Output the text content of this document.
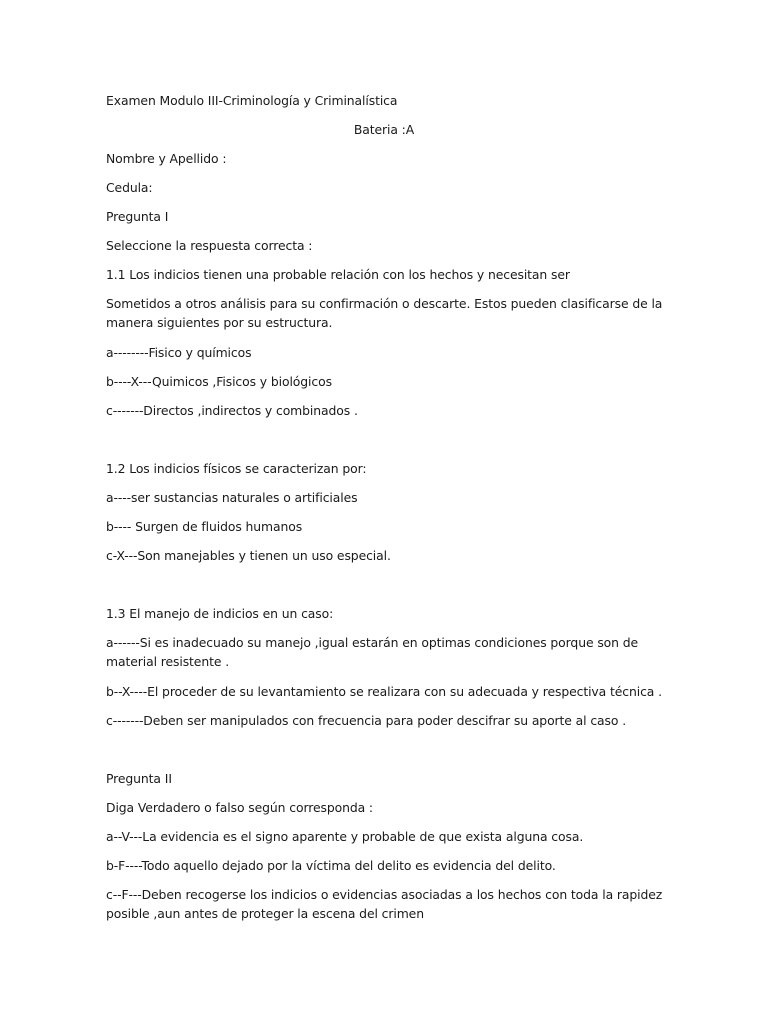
Examen Modulo III-Criminología y Criminalística
Bateria :A
Nombre y Apellido :
Cedula:
Pregunta I
Seleccione la respuesta correcta :
1.1 Los indicios tienen una probable relación con los hechos y necesitan ser
Sometidos a otros análisis para su confirmación o descarte. Estos pueden clasificarse de la manera siguientes por su estructura.
a--------Fisico y químicos
b----X---Quimicos ,Fisicos y biológicos
c-------Directos ,indirectos y combinados .
1.2 Los indicios físicos se caracterizan por:
a----ser sustancias naturales o artificiales
b---- Surgen de fluidos humanos
c-X---Son manejables y tienen un uso especial.
1.3 El manejo de indicios en un caso:
a------Si es inadecuado su manejo ,igual estarán en optimas condiciones porque son de material resistente .
b--X----El proceder de su levantamiento se realizara con su adecuada y respectiva técnica .
c-------Deben ser manipulados con frecuencia para poder descifrar su aporte al caso .
Pregunta II
Diga Verdadero o falso según corresponda :
a--V---La evidencia es el signo aparente y probable de que exista alguna cosa.
b-F----Todo aquello dejado por la víctima del delito es evidencia del delito.
c--F---Deben recogerse los indicios o evidencias asociadas a los hechos con toda la rapidez posible ,aun antes de proteger la escena del crimen
